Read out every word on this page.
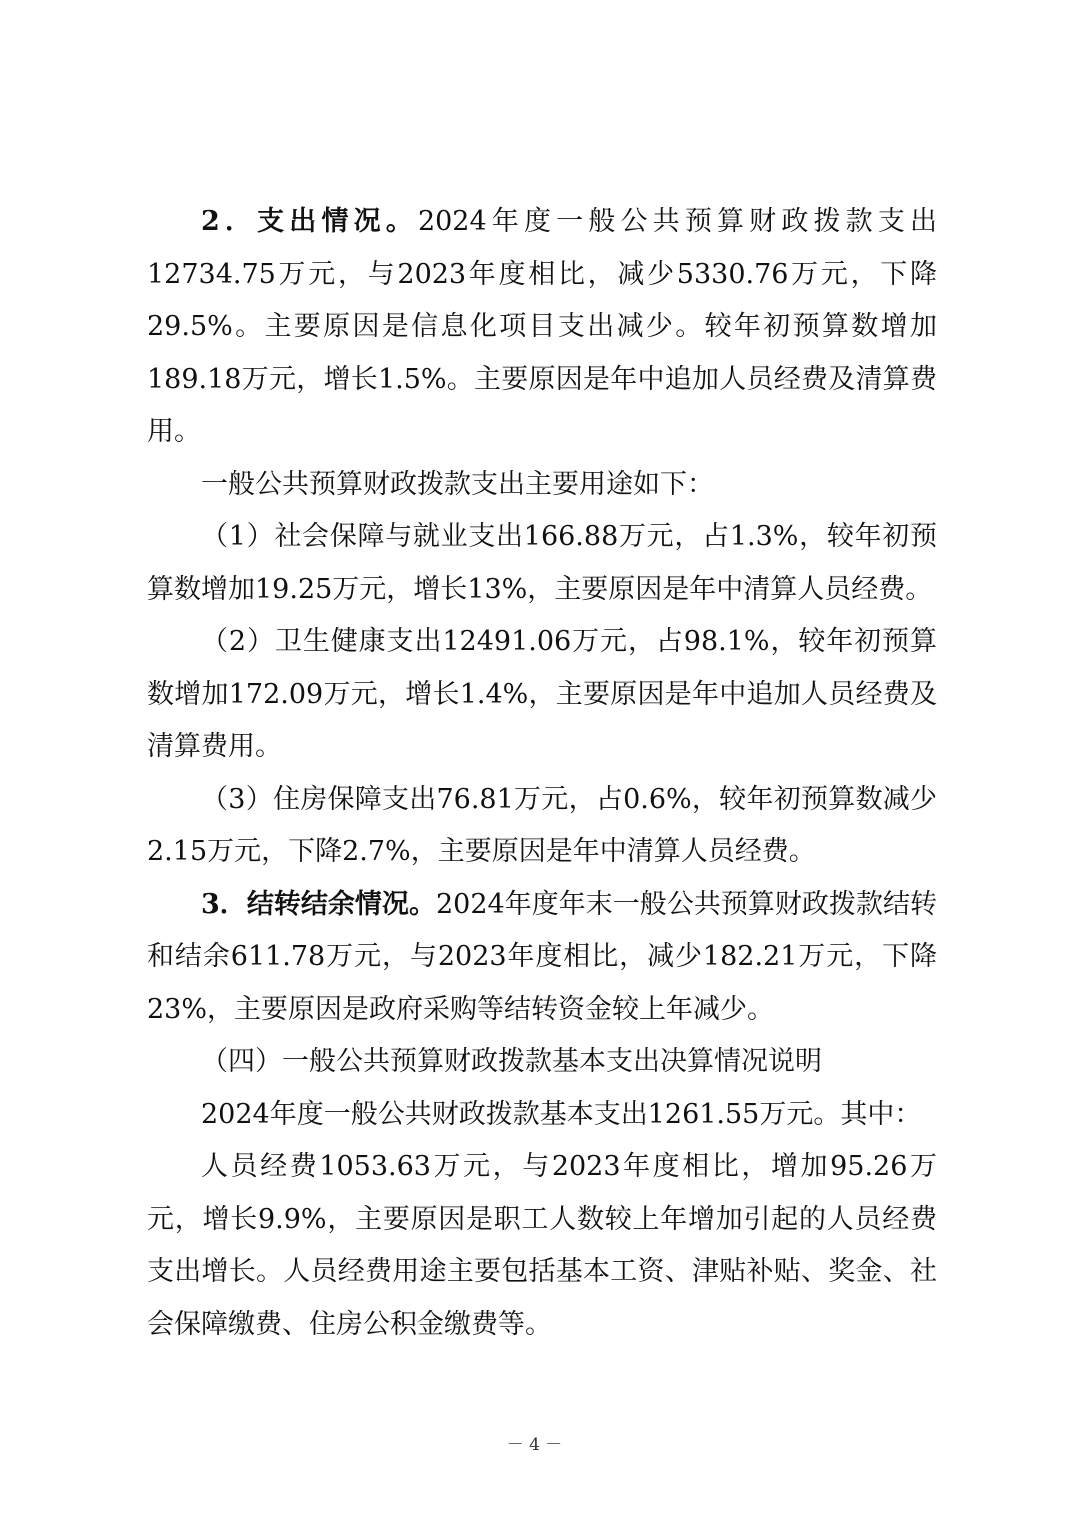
2．支出情况。2024年度一般公共预算财政拨款支出12734.75万元，与2023年度相比，减少5330.76万元，下降29.5%。主要原因是信息化项目支出减少。较年初预算数增加189.18万元，增长1.5%。主要原因是年中追加人员经费及清算费用。

一般公共预算财政拨款支出主要用途如下：

（1）社会保障与就业支出166.88万元，占1.3%，较年初预算数增加19.25万元，增长13%，主要原因是年中清算人员经费。

（2）卫生健康支出12491.06万元，占98.1%，较年初预算数增加172.09万元，增长1.4%，主要原因是年中追加人员经费及清算费用。

（3）住房保障支出76.81万元，占0.6%，较年初预算数减少2.15万元，下降2.7%，主要原因是年中清算人员经费。

3．结转结余情况。2024年度年末一般公共预算财政拨款结转和结余611.78万元，与2023年度相比，减少182.21万元，下降23%，主要原因是政府采购等结转资金较上年减少。

（四）一般公共预算财政拨款基本支出决算情况说明

2024年度一般公共财政拨款基本支出1261.55万元。其中：

人员经费1053.63万元，与2023年度相比，增加95.26万元，增长9.9%，主要原因是职工人数较上年增加引起的人员经费支出增长。人员经费用途主要包括基本工资、津贴补贴、奖金、社会保障缴费、住房公积金缴费等。

－ 4 －
